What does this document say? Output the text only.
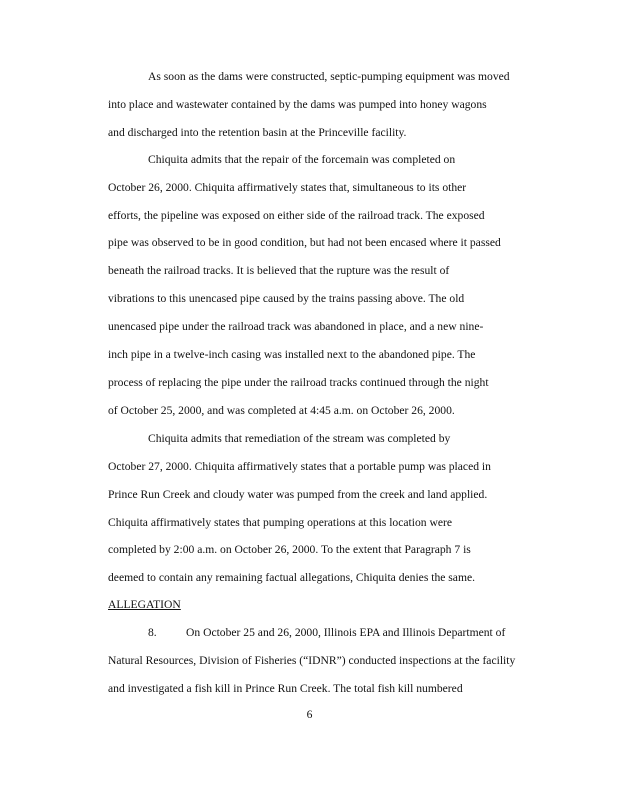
As soon as the dams were constructed, septic-pumping equipment was moved
into place and wastewater contained by the dams was pumped into honey wagons
and discharged into the retention basin at the Princeville facility.
Chiquita admits that the repair of the forcemain was completed on
October 26, 2000. Chiquita affirmatively states that, simultaneous to its other
efforts, the pipeline was exposed on either side of the railroad track. The exposed
pipe was observed to be in good condition, but had not been encased where it passed
beneath the railroad tracks. It is believed that the rupture was the result of
vibrations to this unencased pipe caused by the trains passing above. The old
unencased pipe under the railroad track was abandoned in place, and a new nine-
inch pipe in a twelve-inch casing was installed next to the abandoned pipe. The
process of replacing the pipe under the railroad tracks continued through the night
of October 25, 2000, and was completed at 4:45 a.m. on October 26, 2000.
Chiquita admits that remediation of the stream was completed by
October 27, 2000. Chiquita affirmatively states that a portable pump was placed in
Prince Run Creek and cloudy water was pumped from the creek and land applied.
Chiquita affirmatively states that pumping operations at this location were
completed by 2:00 a.m. on October 26, 2000. To the extent that Paragraph 7 is
deemed to contain any remaining factual allegations, Chiquita denies the same.
ALLEGATION
8.	On October 25 and 26, 2000, Illinois EPA and Illinois Department of
Natural Resources, Division of Fisheries (“IDNR”) conducted inspections at the facility
and investigated a fish kill in Prince Run Creek. The total fish kill numbered
6
